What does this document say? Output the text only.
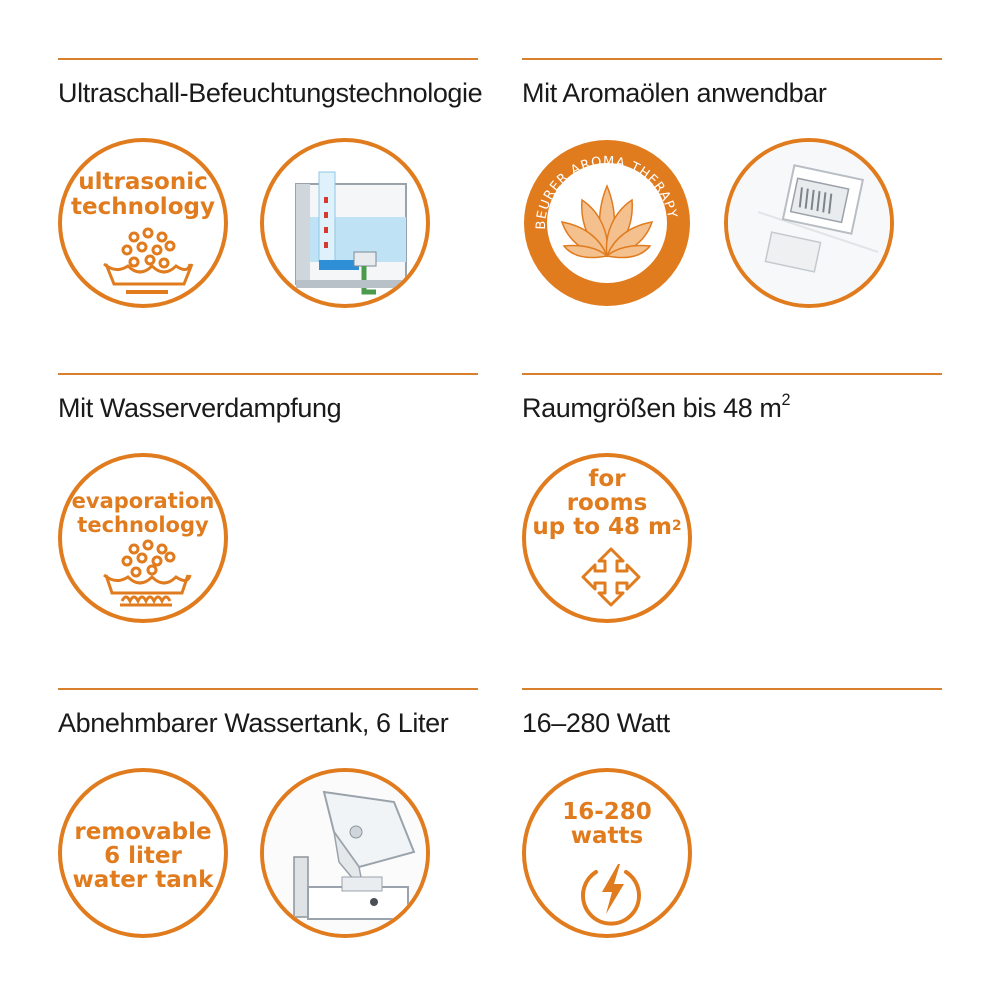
Ultraschall-Befeuchtungstechnologie
ultrasonic
technology
Mit Aromaölen anwendbar
BEURER AROMA THERAPY
Mit Wasserverdampfung
evaporation
technology
Raumgrößen bis 48 $m^2$
for
rooms
up to 48 $m^2$
Abnehmbarer Wassertank, 6 Liter
removable
6 liter
water tank
16–280 Watt
16-280
watts
